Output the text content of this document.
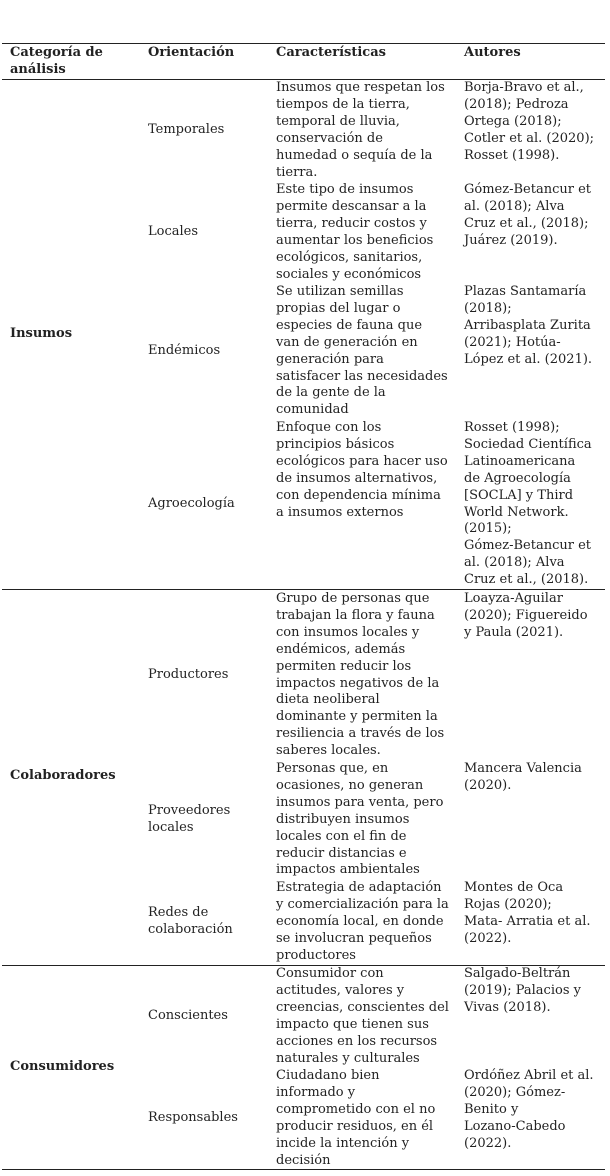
Categoría de
análisis
Orientación	Características	Autores
Insumos
Colaboradores
Consumidores
Temporales
Insumos que respetan los
tiempos de la tierra,
temporal de lluvia,
conservación de
humedad o sequía de la
tierra.
Borja-Bravo et al.,
(2018); Pedroza
Ortega (2018);
Cotler et al. (2020);
Rosset (1998).
Locales
Este tipo de insumos
permite descansar a la
tierra, reducir costos y
aumentar los beneficios
ecológicos, sanitarios,
sociales y económicos
Gómez-Betancur et
al. (2018); Alva
Cruz et al., (2018);
Juárez (2019).
Endémicos
Se utilizan semillas
propias del lugar o
especies de fauna que
van de generación en
generación para
satisfacer las necesidades
de la gente de la
comunidad
Plazas Santamaría
(2018);
Arribasplata Zurita
(2021); Hotúa-
López et al. (2021).
Agroecología
Enfoque con los
principios básicos
ecológicos para hacer uso
de insumos alternativos,
con dependencia mínima
a insumos externos
Rosset (1998);
Sociedad Científica
Latinoamericana
de Agroecología
[SOCLA] y Third
World Network.
(2015);
Gómez-Betancur et
al. (2018); Alva
Cruz et al., (2018).
Productores
Grupo de personas que
trabajan la flora y fauna
con insumos locales y
endémicos, además
permiten reducir los
impactos negativos de la
dieta neoliberal
dominante y permiten la
resiliencia a través de los
saberes locales.
Loayza-Aguilar
(2020); Figuereido
y Paula (2021).
Proveedores
locales
Personas que, en
ocasiones, no generan
insumos para venta, pero
distribuyen insumos
locales con el fin de
reducir distancias e
impactos ambientales
Mancera Valencia
(2020).
Redes de
colaboración
Estrategia de adaptación
y comercialización para la
economía local, en donde
se involucran pequeños
productores
Montes de Oca
Rojas (2020);
Mata- Arratia et al.
(2022).
Conscientes
Consumidor con
actitudes, valores y
creencias, conscientes del
impacto que tienen sus
acciones en los recursos
naturales y culturales
Salgado-Beltrán
(2019); Palacios y
Vivas (2018).
Responsables
Ciudadano bien
informado y
comprometido con el no
producir residuos, en él
incide la intención y
decisión
Ordóñez Abril et al.
(2020); Gómez-
Benito y
Lozano-Cabedo
(2022).
